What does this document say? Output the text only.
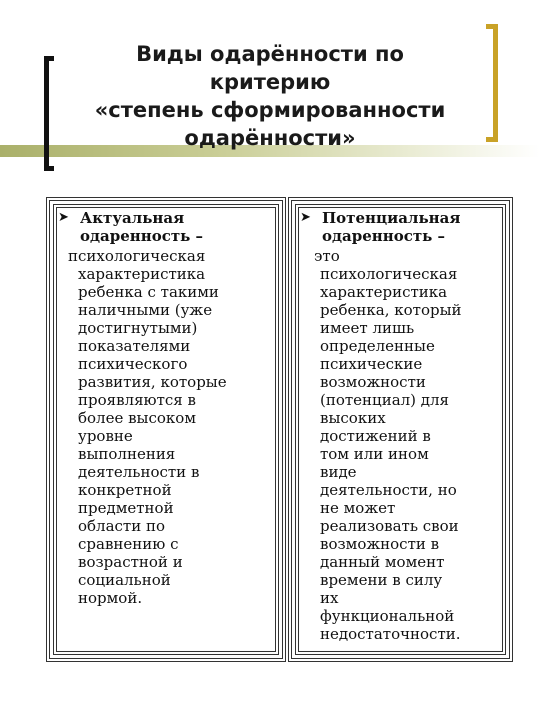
Виды одарённости по
критерию
«степень сформированности
одарённости»
➤ Актуальная
одаренность –
психологическая
характеристика
ребенка с такими
наличными (уже
достигнутыми)
показателями
психического
развития, которые
проявляются в
более высоком
уровне
выполнения
деятельности в
конкретной
предметной
области по
сравнению с
возрастной и
социальной
нормой.
➤ Потенциальная
одаренность –
это
психологическая
характеристика
ребенка, который
имеет лишь
определенные
психические
возможности
(потенциал) для
высоких
достижений в
том или ином
виде
деятельности, но
не может
реализовать свои
возможности в
данный момент
времени в силу
их
функциональной
недостаточности.
